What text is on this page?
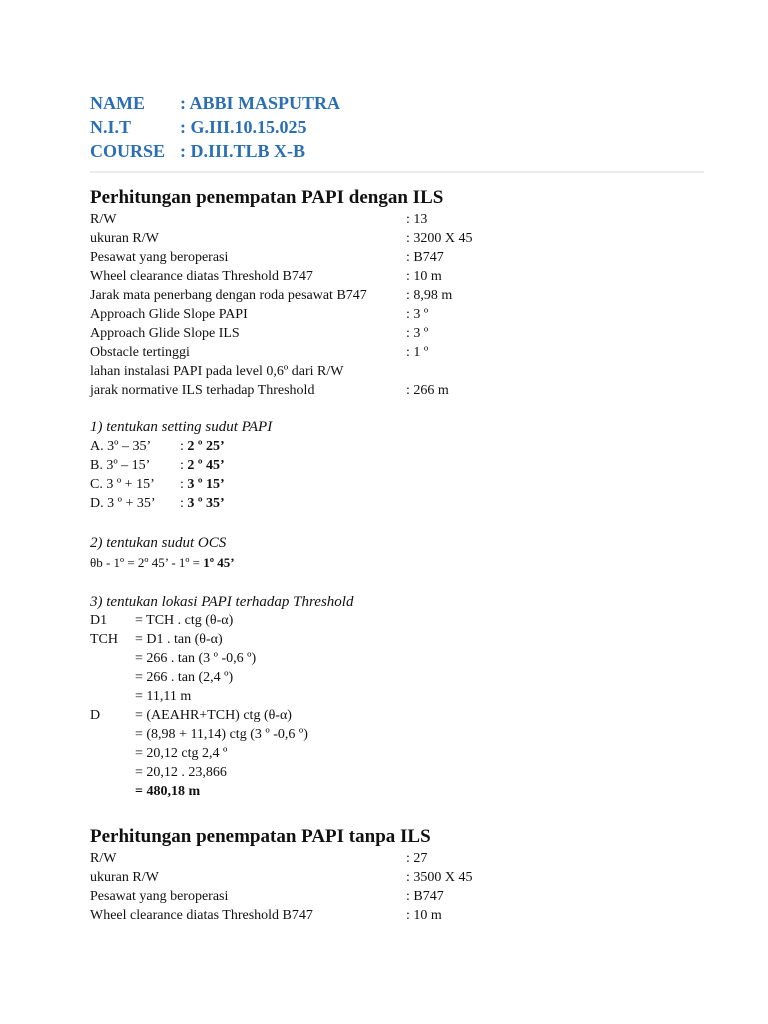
NAME : ABBI MASPUTRA
N.I.T	: G.III.10.15.025
COURSE : D.III.TLB X-B
Perhitungan penempatan PAPI dengan ILS
R/W	: 13
ukuran R/W	: 3200 X 45
Pesawat yang beroperasi	: B747
Wheel clearance diatas Threshold B747	: 10 m
Jarak mata penerbang dengan roda pesawat B747	: 8,98 m
Approach Glide Slope PAPI	: 3 º
Approach Glide Slope ILS	: 3 º
Obstacle tertinggi	: 1 º
lahan instalasi PAPI pada level 0,6º dari R/W
jarak normative ILS terhadap Threshold	: 266 m
1) tentukan setting sudut PAPI
A. 3º – 35’ : 2 º 25’
B. 3º – 15’ : 2 º 45’
C. 3 º + 15’ : 3 º 15’
D. 3 º + 35’ : 3 º 35’
2) tentukan sudut OCS
θb - 1º = 2º 45’ - 1º = 1º 45’
3) tentukan lokasi PAPI terhadap Threshold
D1 = TCH . ctg (θ-α)
TCH = D1 . tan (θ-α)
= 266 . tan (3 º -0,6 º)
= 266 . tan (2,4 º)
= 11,11 m
D = (AEAHR+TCH) ctg (θ-α)
= (8,98 + 11,14) ctg (3 º -0,6 º)
= 20,12 ctg 2,4 º
= 20,12 . 23,866
= 480,18 m
Perhitungan penempatan PAPI tanpa ILS
R/W	: 27
ukuran R/W	: 3500 X 45
Pesawat yang beroperasi	: B747
Wheel clearance diatas Threshold B747	: 10 m
